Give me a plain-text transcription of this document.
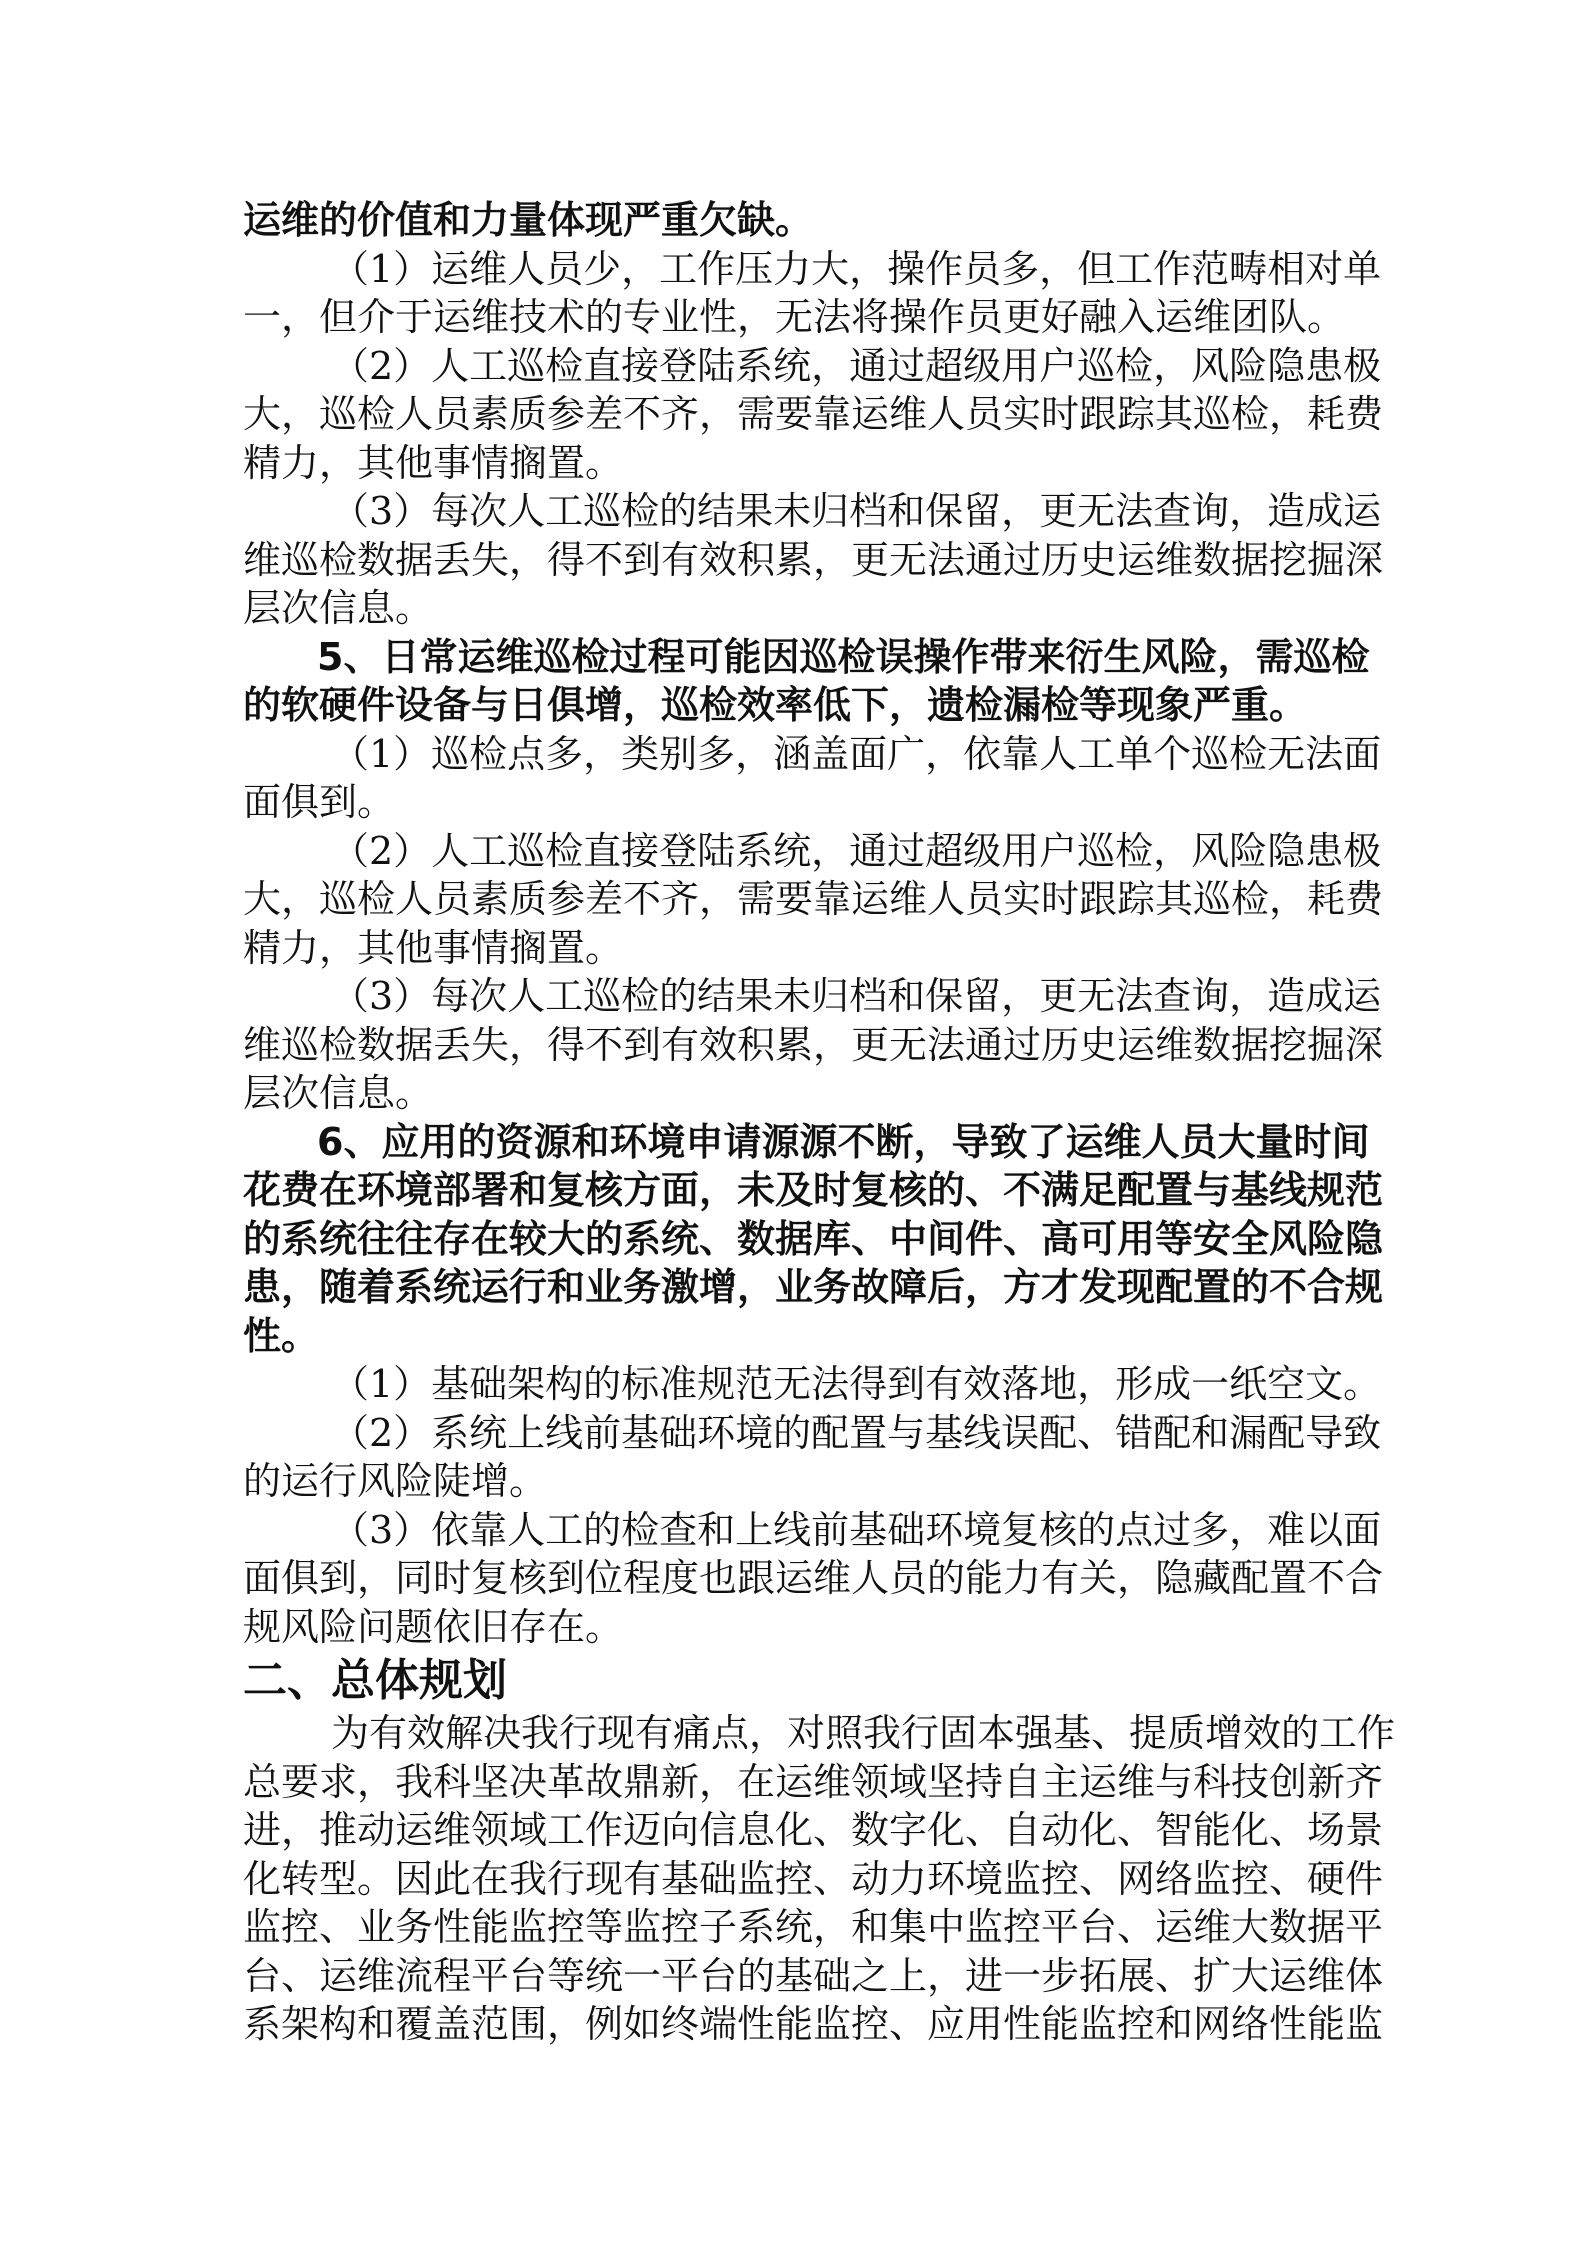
运维的价值和力量体现严重欠缺。
（1）运维人员少，工作压力大，操作员多，但工作范畴相对单
一，但介于运维技术的专业性，无法将操作员更好融入运维团队。
（2）人工巡检直接登陆系统，通过超级用户巡检，风险隐患极
大，巡检人员素质参差不齐，需要靠运维人员实时跟踪其巡检，耗费
精力，其他事情搁置。
（3）每次人工巡检的结果未归档和保留，更无法查询，造成运
维巡检数据丢失，得不到有效积累，更无法通过历史运维数据挖掘深
层次信息。
5、日常运维巡检过程可能因巡检误操作带来衍生风险，需巡检
的软硬件设备与日俱增，巡检效率低下，遗检漏检等现象严重。
（1）巡检点多，类别多，涵盖面广，依靠人工单个巡检无法面
面俱到。
（2）人工巡检直接登陆系统，通过超级用户巡检，风险隐患极
大，巡检人员素质参差不齐，需要靠运维人员实时跟踪其巡检，耗费
精力，其他事情搁置。
（3）每次人工巡检的结果未归档和保留，更无法查询，造成运
维巡检数据丢失，得不到有效积累，更无法通过历史运维数据挖掘深
层次信息。
6、应用的资源和环境申请源源不断，导致了运维人员大量时间
花费在环境部署和复核方面，未及时复核的、不满足配置与基线规范
的系统往往存在较大的系统、数据库、中间件、高可用等安全风险隐
患，随着系统运行和业务激增，业务故障后，方才发现配置的不合规
性。
（1）基础架构的标准规范无法得到有效落地，形成一纸空文。
（2）系统上线前基础环境的配置与基线误配、错配和漏配导致
的运行风险陡增。
（3）依靠人工的检查和上线前基础环境复核的点过多，难以面
面俱到，同时复核到位程度也跟运维人员的能力有关，隐藏配置不合
规风险问题依旧存在。
二、总体规划
为有效解决我行现有痛点，对照我行固本强基、提质增效的工作
总要求，我科坚决革故鼎新，在运维领域坚持自主运维与科技创新齐
进，推动运维领域工作迈向信息化、数字化、自动化、智能化、场景
化转型。因此在我行现有基础监控、动力环境监控、网络监控、硬件
监控、业务性能监控等监控子系统，和集中监控平台、运维大数据平
台、运维流程平台等统一平台的基础之上，进一步拓展、扩大运维体
系架构和覆盖范围，例如终端性能监控、应用性能监控和网络性能监
